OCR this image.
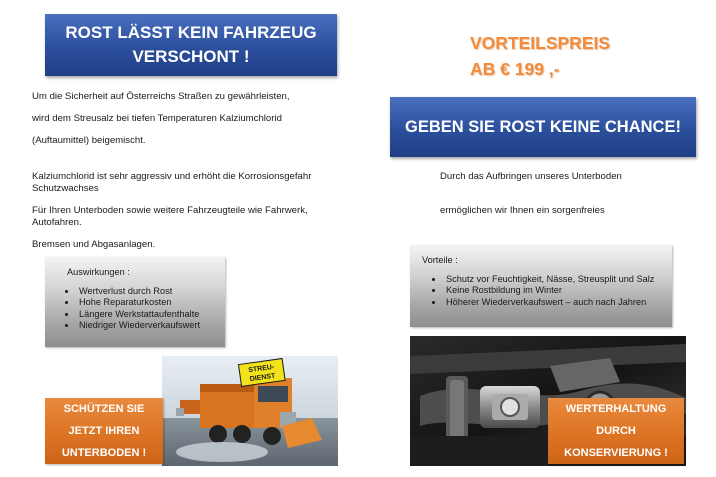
ROST LÄSST KEIN FAHRZEUG
VERSCHONT !
Um die Sicherheit auf Österreichs Straßen zu gewährleisten,
wird dem Streusalz bei tiefen Temperaturen Kalziumchlorid
(Auftaumittel) beigemischt.
Kalziumchlorid ist sehr aggressiv und erhöht die Korrosionsgefahr
Schutzwachses
Für Ihren Unterboden sowie weitere Fahrzeugteile wie Fahrwerk,
Autofahren.
Bremsen und Abgasanlagen.
Auswirkungen :
• Wertverlust durch Rost
• Hohe Reparaturkosten
• Längere Werkstattaufenthalte
• Niedriger Wiederverkaufswert
STREU-
DIENST
SCHÜTZEN SIE
JETZT IHREN
UNTERBODEN !
VORTEILSPREIS
AB € 199 ,-
GEBEN SIE ROST KEINE CHANCE!
Durch das Aufbringen unseres Unterboden
ermöglichen wir Ihnen ein sorgenfreies
Vorteile :
• Schutz vor Feuchtigkeit, Nässe, Streusplit und Salz
• Keine Rostbildung im Winter
• Höherer Wiederverkaufswert – auch nach Jahren
WERTERHALTUNG
DURCH
KONSERVIERUNG !
